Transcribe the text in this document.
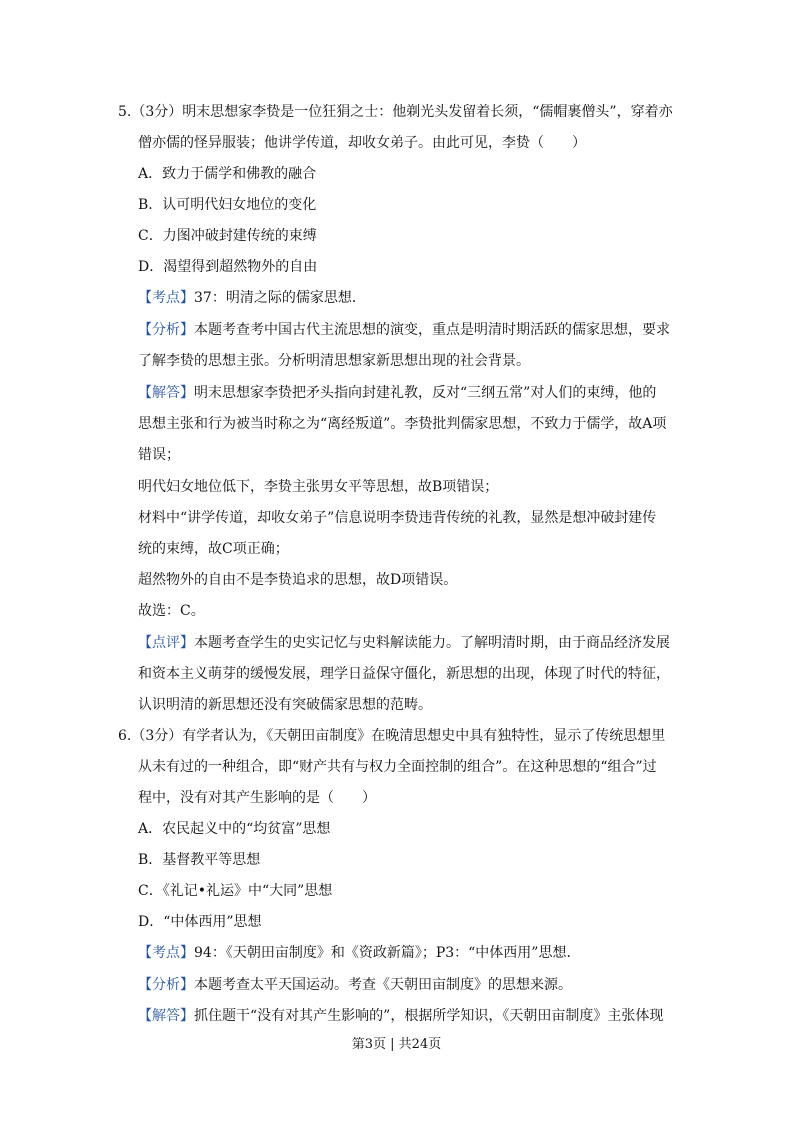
5.（3分）明末思想家李贽是一位狂狷之士：他剃光头发留着长须，“儒帽裹僧头”，穿着亦
僧亦儒的怪异服装；他讲学传道，却收女弟子。由此可见，李贽（　　）
A．致力于儒学和佛教的融合
B．认可明代妇女地位的变化
C．力图冲破封建传统的束缚
D．渴望得到超然物外的自由
【考点】37：明清之际的儒家思想．
【分析】本题考查考中国古代主流思想的演变，重点是明清时期活跃的儒家思想，要求
了解李贽的思想主张。分析明清思想家新思想出现的社会背景。
【解答】明末思想家李贽把矛头指向封建礼教，反对“三纲五常”对人们的束缚，他的
思想主张和行为被当时称之为“离经叛道”。李贽批判儒家思想，不致力于儒学，故A项
错误；
明代妇女地位低下，李贽主张男女平等思想，故B项错误；
材料中“讲学传道，却收女弟子”信息说明李贽违背传统的礼教，显然是想冲破封建传
统的束缚，故C项正确；
超然物外的自由不是李贽追求的思想，故D项错误。
故选：C。
【点评】本题考查学生的史实记忆与史料解读能力。了解明清时期，由于商品经济发展
和资本主义萌芽的缓慢发展，理学日益保守僵化，新思想的出现，体现了时代的特征，
认识明清的新思想还没有突破儒家思想的范畴。
6.（3分）有学者认为，《天朝田亩制度》在晚清思想史中具有独特性，显示了传统思想里
从未有过的一种组合，即“财产共有与权力全面控制的组合”。在这种思想的“组合”过
程中，没有对其产生影响的是（　　）
A．农民起义中的“均贫富”思想
B．基督教平等思想
C．《礼记•礼运》中“大同”思想
D．“中体西用”思想
【考点】94：《天朝田亩制度》和《资政新篇》；P3：“中体西用”思想．
【分析】本题考查太平天国运动。考查《天朝田亩制度》的思想来源。
【解答】抓住题干“没有对其产生影响的”，根据所学知识，《天朝田亩制度》主张体现
第3页 | 共24页
